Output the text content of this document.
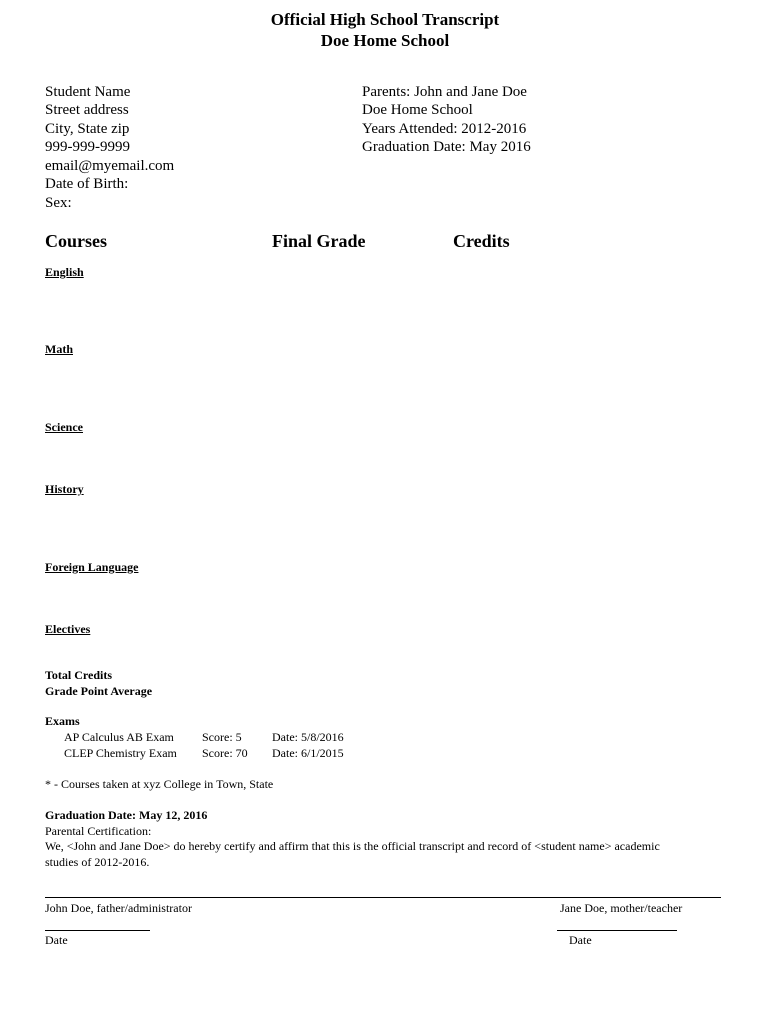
Official High School Transcript
Doe Home School
Student Name
Street address
City, State zip
999-999-9999
email@myemail.com
Date of Birth:
Sex:
Parents: John and Jane Doe
Doe Home School
Years Attended: 2012-2016
Graduation Date: May 2016
Courses	Final Grade	Credits
English
Math
Science
History
Foreign Language
Electives
Total Credits
Grade Point Average
Exams
AP Calculus AB Exam Score: 5	Date: 5/8/2016
CLEP Chemistry Exam Score: 70 Date: 6/1/2015
* - Courses taken at xyz College in Town, State
Graduation Date: May 12, 2016
Parental Certification:
We, <John and Jane Doe> do hereby certify and affirm that this is the official transcript and record of <student name> academic
studies of 2012-2016.
John Doe, father/administrator	Jane Doe, mother/teacher
Date	Date
